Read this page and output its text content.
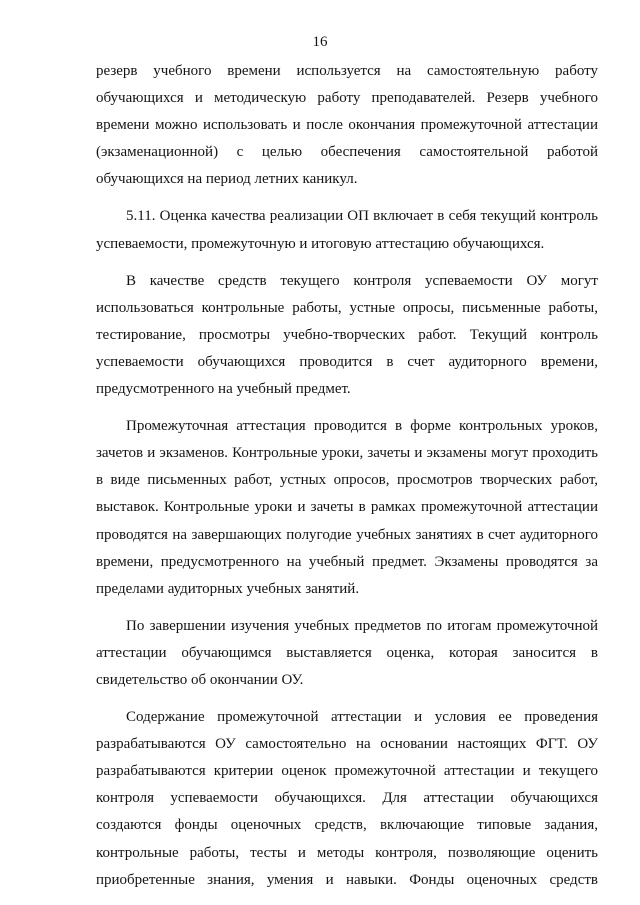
16

резерв учебного времени используется на самостоятельную работу обучающихся и методическую работу преподавателей. Резерв учебного времени можно использовать и после окончания промежуточной аттестации (экзаменационной) с целью обеспечения самостоятельной работой обучающихся на период летних каникул.

5.11. Оценка качества реализации ОП включает в себя текущий контроль успеваемости, промежуточную и итоговую аттестацию обучающихся.

В качестве средств текущего контроля успеваемости ОУ могут использоваться контрольные работы, устные опросы, письменные работы, тестирование, просмотры учебно-творческих работ. Текущий контроль успеваемости обучающихся проводится в счет аудиторного времени, предусмотренного на учебный предмет.

Промежуточная аттестация проводится в форме контрольных уроков, зачетов и экзаменов. Контрольные уроки, зачеты и экзамены могут проходить в виде письменных работ, устных опросов, просмотров творческих работ, выставок. Контрольные уроки и зачеты в рамках промежуточной аттестации проводятся на завершающих полугодие учебных занятиях в счет аудиторного времени, предусмотренного на учебный предмет. Экзамены проводятся за пределами аудиторных учебных занятий.

По завершении изучения учебных предметов по итогам промежуточной аттестации обучающимся выставляется оценка, которая заносится в свидетельство об окончании ОУ.

Содержание промежуточной аттестации и условия ее проведения разрабатываются ОУ самостоятельно на основании настоящих ФГТ. ОУ разрабатываются критерии оценок промежуточной аттестации и текущего контроля успеваемости обучающихся. Для аттестации обучающихся создаются фонды оценочных средств, включающие типовые задания, контрольные работы, тесты и методы контроля, позволяющие оценить приобретенные знания, умения и навыки. Фонды оценочных средств
